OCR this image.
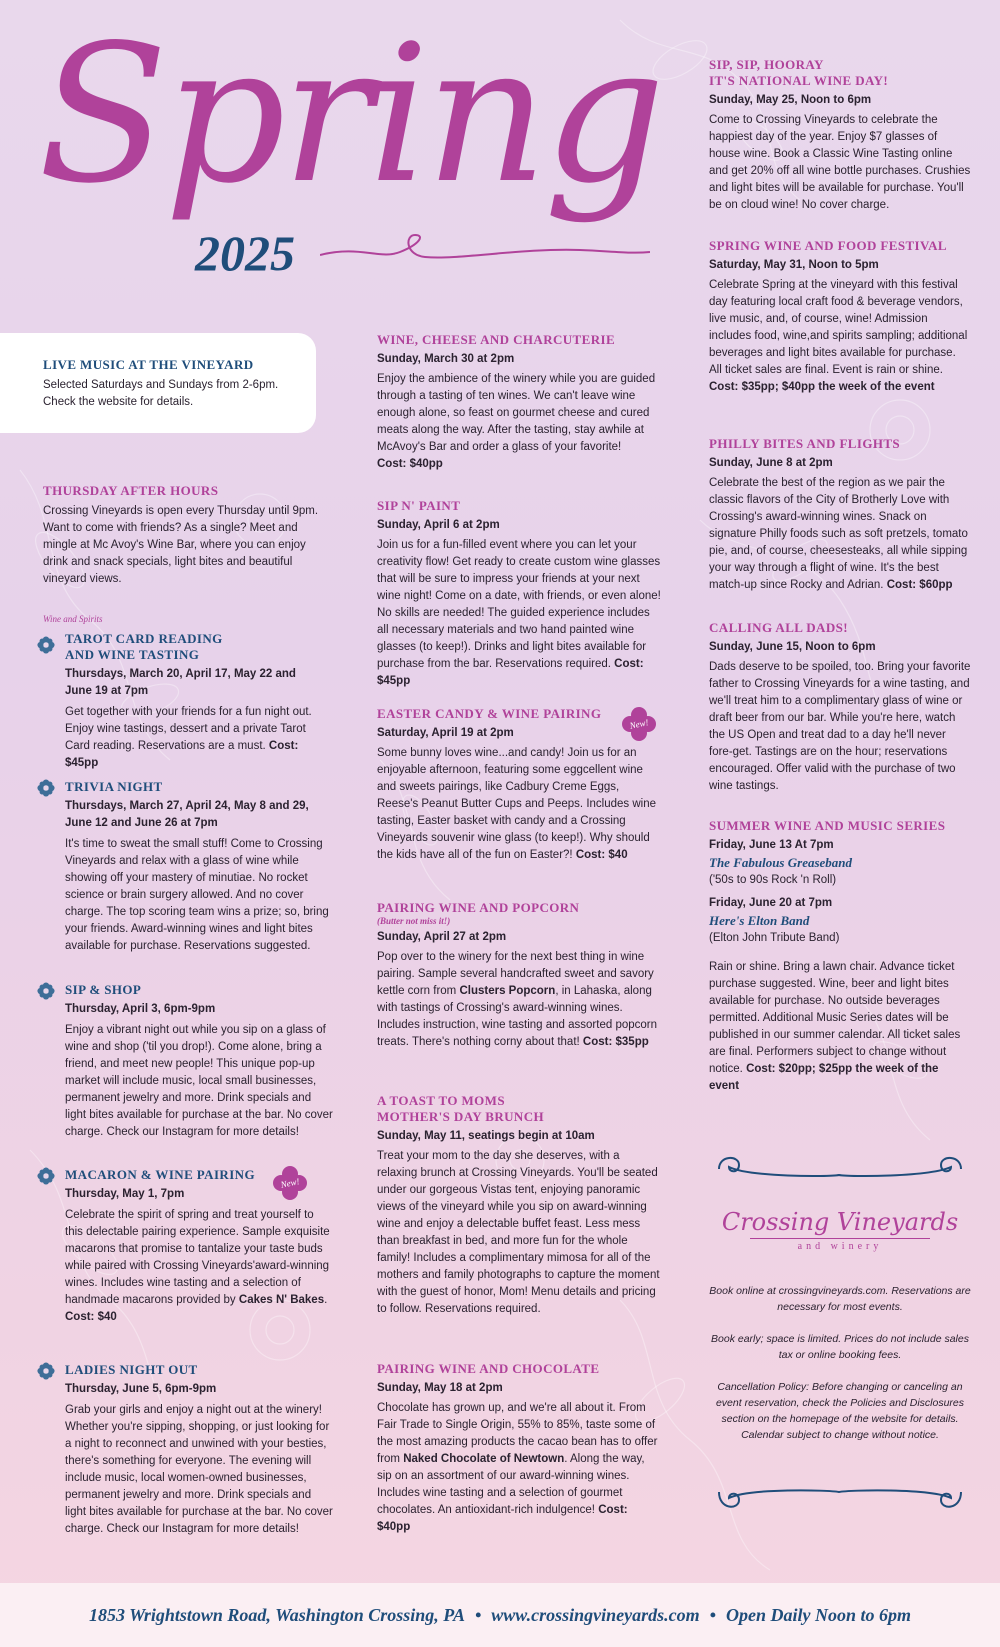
Spring
2025
LIVE MUSIC AT THE VINEYARD
Selected Saturdays and Sundays from 2-6pm.
Check the website for details.
THURSDAY AFTER HOURS
Crossing Vineyards is open every Thursday until 9pm. Want to come with friends? As a single? Meet and mingle at Mc Avoy's Wine Bar, where you can enjoy drink and snack specials, light bites and beautiful vineyard views.
Wine and Spirits
TAROT CARD READING
AND WINE TASTING
Thursdays, March 20, April 17, May 22 and
June 19 at 7pm
Get together with your friends for a fun night out. Enjoy wine tastings, dessert and a private Tarot Card reading. Reservations are a must. Cost: $45pp
TRIVIA NIGHT
Thursdays, March 27, April 24, May 8 and 29,
June 12 and June 26 at 7pm
It's time to sweat the small stuff! Come to Crossing Vineyards and relax with a glass of wine while showing off your mastery of minutiae. No rocket science or brain surgery allowed. And no cover charge. The top scoring team wins a prize; so, bring your friends. Award-winning wines and light bites available for purchase. Reservations suggested.
SIP & SHOP
Thursday, April 3, 6pm-9pm
Enjoy a vibrant night out while you sip on a glass of wine and shop ('til you drop!). Come alone, bring a friend, and meet new people! This unique pop-up market will include music, local small businesses, permanent jewelry and more. Drink specials and light bites available for purchase at the bar. No cover charge. Check our Instagram for more details!
New!
MACARON & WINE PAIRING
Thursday, May 1, 7pm
Celebrate the spirit of spring and treat yourself to this delectable pairing experience. Sample exquisite macarons that promise to tantalize your taste buds while paired with Crossing Vineyards'award-winning wines. Includes wine tasting and a selection of handmade macarons provided by Cakes N' Bakes. Cost: $40
LADIES NIGHT OUT
Thursday, June 5, 6pm-9pm
Grab your girls and enjoy a night out at the winery! Whether you're sipping, shopping, or just looking for a night to reconnect and unwined with your besties, there's something for everyone. The evening will include music, local women-owned businesses, permanent jewelry and more. Drink specials and light bites available for purchase at the bar. No cover charge. Check our Instagram for more details!
WINE, CHEESE AND CHARCUTERIE
Sunday, March 30 at 2pm
Enjoy the ambience of the winery while you are guided through a tasting of ten wines. We can't leave wine enough alone, so feast on gourmet cheese and cured meats along the way. After the tasting, stay awhile at McAvoy's Bar and order a glass of your favorite!
Cost: $40pp
SIP N' PAINT
Sunday, April 6 at 2pm
Join us for a fun-filled event where you can let your creativity flow! Get ready to create custom wine glasses that will be sure to impress your friends at your next wine night! Come on a date, with friends, or even alone! No skills are needed! The guided experience includes all necessary materials and two hand painted wine glasses (to keep!). Drinks and light bites available for purchase from the bar. Reservations required. Cost: $45pp
New!
EASTER CANDY & WINE PAIRING
Saturday, April 19 at 2pm
Some bunny loves wine...and candy! Join us for an enjoyable afternoon, featuring some eggcellent wine and sweets pairings, like Cadbury Creme Eggs, Reese's Peanut Butter Cups and Peeps. Includes wine tasting, Easter basket with candy and a Crossing Vineyards souvenir wine glass (to keep!). Why should the kids have all of the fun on Easter?! Cost: $40
PAIRING WINE AND POPCORN
(Butter not miss it!)
Sunday, April 27 at 2pm
Pop over to the winery for the next best thing in wine pairing. Sample several handcrafted sweet and savory kettle corn from Clusters Popcorn, in Lahaska, along with tastings of Crossing's award-winning wines. Includes instruction, wine tasting and assorted popcorn treats. There's nothing corny about that! Cost: $35pp
A TOAST TO MOMS
MOTHER'S DAY BRUNCH
Sunday, May 11, seatings begin at 10am
Treat your mom to the day she deserves, with a relaxing brunch at Crossing Vineyards. You'll be seated under our gorgeous Vistas tent, enjoying panoramic views of the vineyard while you sip on award-winning wine and enjoy a delectable buffet feast. Less mess than breakfast in bed, and more fun for the whole family! Includes a complimentary mimosa for all of the mothers and family photographs to capture the moment with the guest of honor, Mom! Menu details and pricing to follow. Reservations required.
PAIRING WINE AND CHOCOLATE
Sunday, May 18 at 2pm
Chocolate has grown up, and we're all about it. From Fair Trade to Single Origin, 55% to 85%, taste some of the most amazing products the cacao bean has to offer from Naked Chocolate of Newtown. Along the way, sip on an assortment of our award-winning wines. Includes wine tasting and a selection of gourmet chocolates. An antioxidant-rich indulgence! Cost: $40pp
SIP, SIP, HOORAY
IT'S NATIONAL WINE DAY!
Sunday, May 25, Noon to 6pm
Come to Crossing Vineyards to celebrate the happiest day of the year. Enjoy $7 glasses of house wine. Book a Classic Wine Tasting online and get 20% off all wine bottle purchases. Crushies and light bites will be available for purchase. You'll be on cloud wine! No cover charge.
SPRING WINE AND FOOD FESTIVAL
Saturday, May 31, Noon to 5pm
Celebrate Spring at the vineyard with this festival day featuring local craft food & beverage vendors, live music, and, of course, wine! Admission includes food, wine,and spirits sampling; additional beverages and light bites available for purchase. All ticket sales are final. Event is rain or shine. Cost: $35pp; $40pp the week of the event
PHILLY BITES AND FLIGHTS
Sunday, June 8 at 2pm
Celebrate the best of the region as we pair the classic flavors of the City of Brotherly Love with Crossing's award-winning wines. Snack on signature Philly foods such as soft pretzels, tomato pie, and, of course, cheesesteaks, all while sipping your way through a flight of wine. It's the best match-up since Rocky and Adrian. Cost: $60pp
CALLING ALL DADS!
Sunday, June 15, Noon to 6pm
Dads deserve to be spoiled, too. Bring your favorite father to Crossing Vineyards for a wine tasting, and we'll treat him to a complimentary glass of wine or draft beer from our bar. While you're here, watch the US Open and treat dad to a day he'll never fore-get. Tastings are on the hour; reservations encouraged. Offer valid with the purchase of two wine tastings.
SUMMER WINE AND MUSIC SERIES
Friday, June 13 At 7pm
The Fabulous Greaseband
('50s to 90s Rock 'n Roll)
Friday, June 20 at 7pm
Here's Elton Band
(Elton John Tribute Band)
Rain or shine. Bring a lawn chair. Advance ticket purchase suggested. Wine, beer and light bites available for purchase. No outside beverages permitted. Additional Music Series dates will be published in our summer calendar. All ticket sales are final. Performers subject to change without notice. Cost: $20pp; $25pp the week of the event
Crossing Vineyards
and winery

Book online at crossingvineyards.com. Reservations are necessary for most events.

Book early; space is limited. Prices do not include sales tax or online booking fees.

Cancellation Policy: Before changing or canceling an event reservation, check the Policies and Disclosures section on the homepage of the website for details. Calendar subject to change without notice.

1853 Wrightstown Road, Washington Crossing, PA • www.crossingvineyards.com • Open Daily Noon to 6pm
